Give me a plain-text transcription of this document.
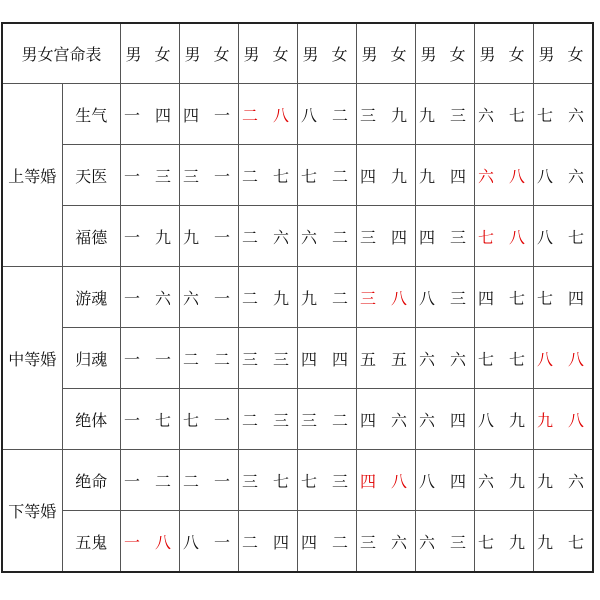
男女宫命表		男 女	男 女	男 女	男 女	男 女	男 女	男 女	男 女
上等婚	生气	一 四	四 一	二 八	八 二	三 九	九 三	六 七	七 六
	天医	一 三	三 一	二 七	七 二	四 九	九 四	六 八	八 六
	福德	一 九	九 一	二 六	六 二	三 四	四 三	七 八	八 七
中等婚	游魂	一 六	六 一	二 九	九 二	三 八	八 三	四 七	七 四
	归魂	一 一	二 二	三 三	四 四	五 五	六 六	七 七	八 八
	绝体	一 七	七 一	二 三	三 二	四 六	六 四	八 九	九 八
下等婚	绝命	一 二	二 一	三 七	七 三	四 八	八 四	六 九	九 六
	五鬼	一 八	八 一	二 四	四 二	三 六	六 三	七 九	九 七
